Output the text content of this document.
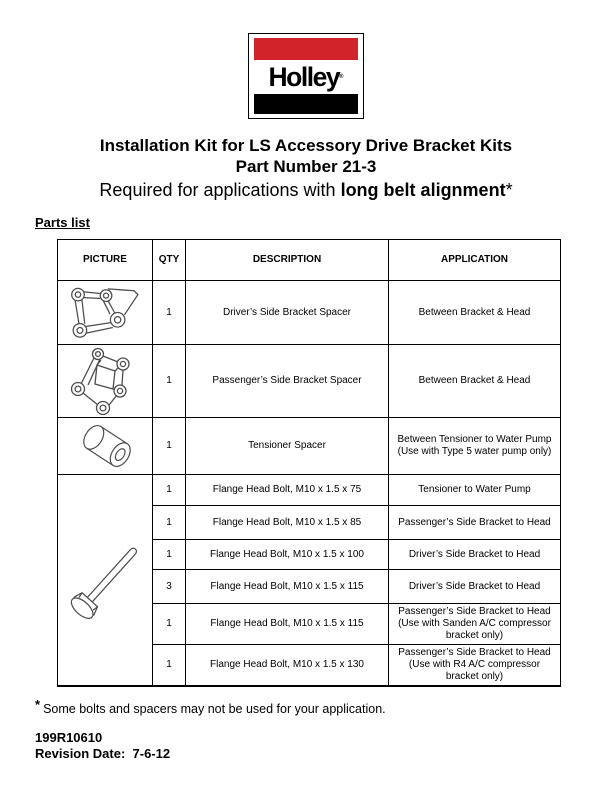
Holley®
Installation Kit for LS Accessory Drive Bracket Kits
Part Number 21-3
Required for applications with long belt alignment*
Parts list
PICTURE	QTY	DESCRIPTION	APPLICATION

	1	Driver’s Side Bracket Spacer	Between Bracket & Head

	1	Passenger’s Side Bracket Spacer	Between Bracket & Head

	1	Tensioner Spacer	Between Tensioner to Water Pump (Use with Type 5 water pump only)

	1	Flange Head Bolt, M10 x 1.5 x 75	Tensioner to Water Pump
	1	Flange Head Bolt, M10 x 1.5 x 85	Passenger’s Side Bracket to Head
	1	Flange Head Bolt, M10 x 1.5 x 100	Driver’s Side Bracket to Head
	3	Flange Head Bolt, M10 x 1.5 x 115	Driver’s Side Bracket to Head
	1	Flange Head Bolt, M10 x 1.5 x 115	Passenger’s Side Bracket to Head (Use with Sanden A/C compressor bracket only)
	1	Flange Head Bolt, M10 x 1.5 x 130	Passenger’s Side Bracket to Head (Use with R4 A/C compressor bracket only)
* Some bolts and spacers may not be used for your application.
199R10610
Revision Date:  7-6-12
